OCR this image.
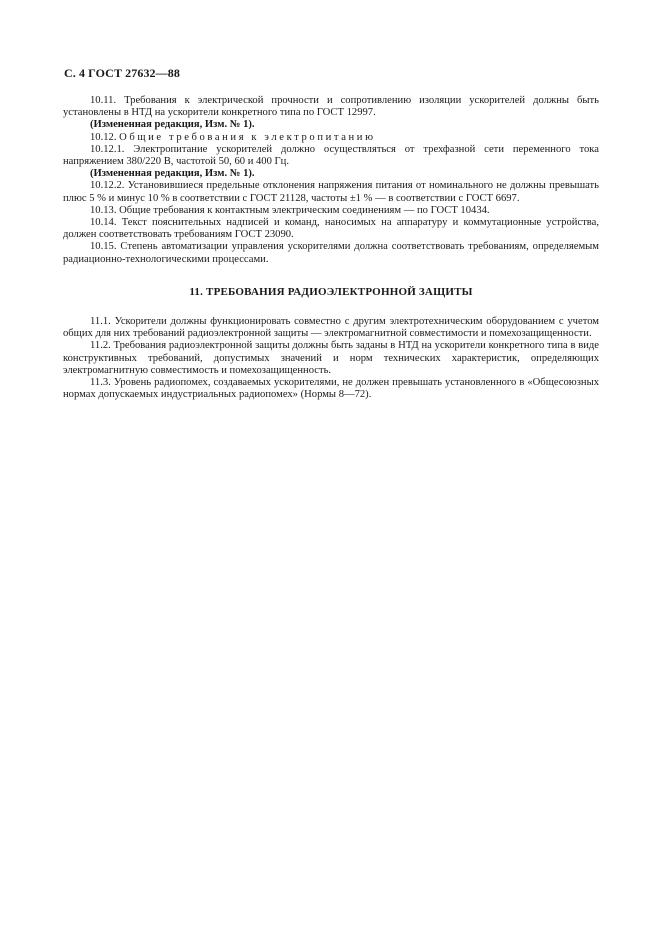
С. 4 ГОСТ 27632—88

10.11. Требования к электрической прочности и сопротивлению изоляции ускорителей должны быть установлены в НТД на ускорители конкретного типа по ГОСТ 12997.

(Измененная редакция, Изм. № 1).

10.12. Общие требования к электропитанию

10.12.1. Электропитание ускорителей должно осуществляться от трехфазной сети переменного тока напряжением 380/220 В, частотой 50, 60 и 400 Гц.

(Измененная редакция, Изм. № 1).

10.12.2. Установившиеся предельные отклонения напряжения питания от номинального не должны превышать плюс 5 % и минус 10 % в соответствии с ГОСТ 21128, частоты ±1 % — в соответствии с ГОСТ 6697.

10.13. Общие требования к контактным электрическим соединениям — по ГОСТ 10434.

10.14. Текст пояснительных надписей и команд, наносимых на аппаратуру и коммутационные устройства, должен соответствовать требованиям ГОСТ 23090.

10.15. Степень автоматизации управления ускорителями должна соответствовать требованиям, определяемым радиационно-технологическими процессами.

11. ТРЕБОВАНИЯ РАДИОЭЛЕКТРОННОЙ ЗАЩИТЫ

11.1. Ускорители должны функционировать совместно с другим электротехническим оборудованием с учетом общих для них требований радиоэлектронной защиты — электромагнитной совместимости и помехозащищенности.

11.2. Требования радиоэлектронной защиты должны быть заданы в НТД на ускорители конкретного типа в виде конструктивных требований, допустимых значений и норм технических характеристик, определяющих электромагнитную совместимость и помехозащищенность.

11.3. Уровень радиопомех, создаваемых ускорителями, не должен превышать установленного в «Общесоюзных нормах допускаемых индустриальных радиопомех» (Нормы 8—72).
